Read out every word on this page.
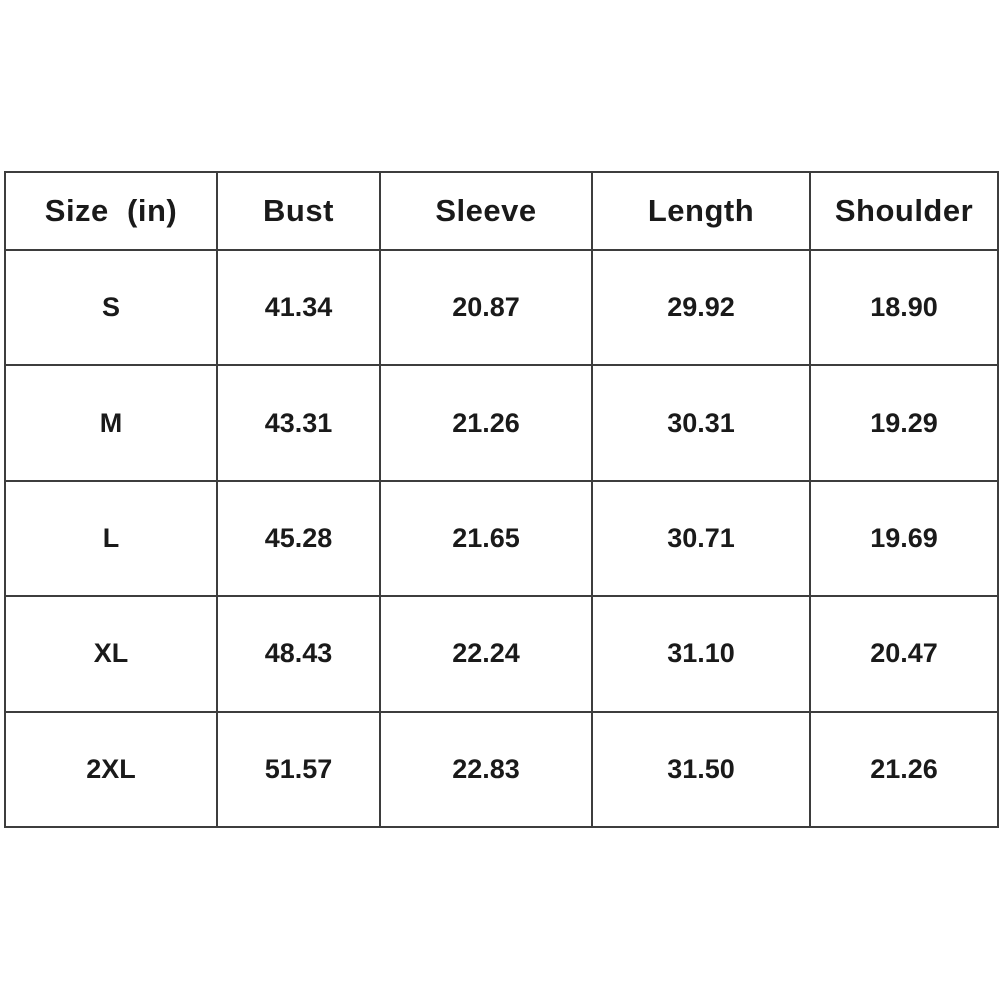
Size  (in)	Bust	Sleeve	Length	Shoulder
S	41.34	20.87	29.92	18.90
M	43.31	21.26	30.31	19.29
L	45.28	21.65	30.71	19.69
XL	48.43	22.24	31.10	20.47
2XL	51.57	22.83	31.50	21.26
